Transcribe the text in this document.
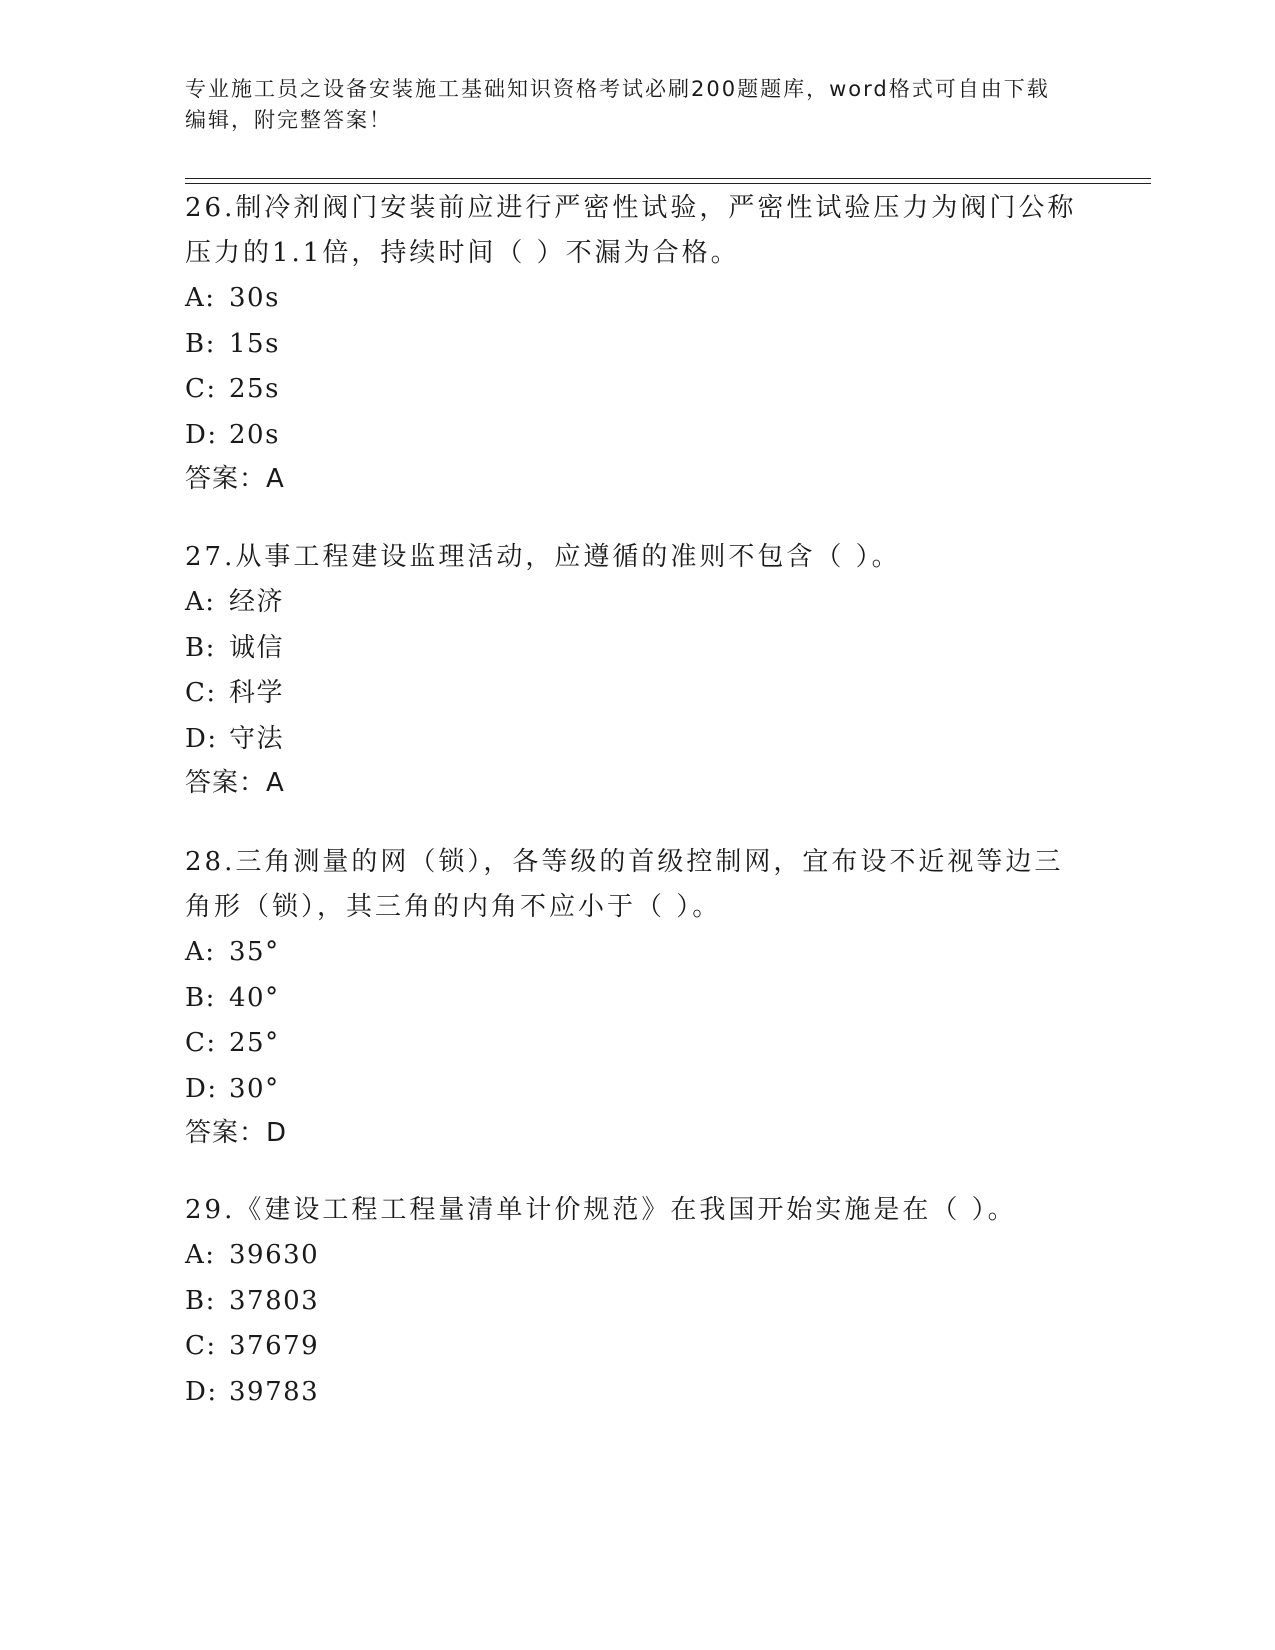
专业施工员之设备安装施工基础知识资格考试必刷200题题库，word格式可自由下载编辑，附完整答案！

26.制冷剂阀门安装前应进行严密性试验，严密性试验压力为阀门公称压力的1.1倍，持续时间（ ）不漏为合格。

A: 30s
B: 15s
C: 25s
D: 20s
答案：A

27.从事工程建设监理活动，应遵循的准则不包含（ ）。

A: 经济
B: 诚信
C: 科学
D: 守法
答案：A

28.三角测量的网（锁），各等级的首级控制网，宜布设不近视等边三角形（锁），其三角的内角不应小于（ ）。

A: 35°
B: 40°
C: 25°
D: 30°
答案：D

29.《建设工程工程量清单计价规范》在我国开始实施是在（ ）。

A: 39630
B: 37803
C: 37679
D: 39783
